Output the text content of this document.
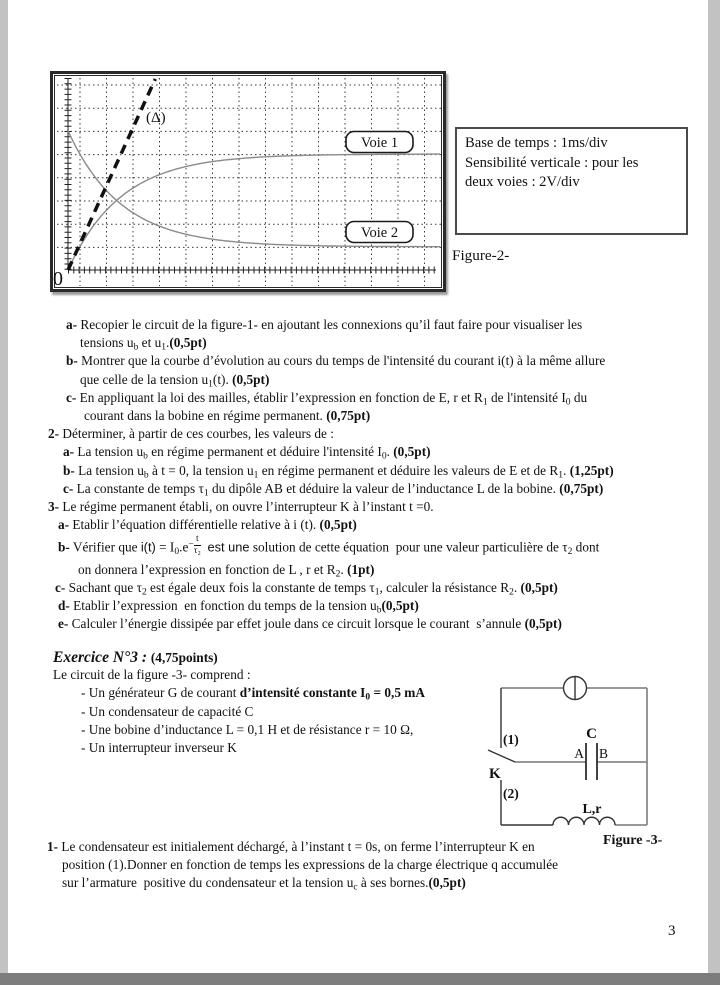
(Δ)
0
Voie 1
Voie 2
Base de temps : 1ms/div
Sensibilité verticale : pour les
deux voies : 2V/div
Figure-2-
a- Recopier le circuit de la figure-1- en ajoutant les connexions qu’il faut faire pour visualiser les
tensions $u_b$ et $u_1.(0,5pt)$
b- Montrer que la courbe d’évolution au cours du temps de l'intensité du courant i(t) à la même allure
que celle de la tension $u_1(t)$. (0,5pt)
c- En appliquant la loi des mailles, établir l’expression en fonction de E, r et $R_1$ de l'intensité $I_0$ du
courant dans la bobine en régime permanent. (0,75pt)
2- Déterminer, à partir de ces courbes, les valeurs de :
a- La tension $u_b$ en régime permanent et déduire l'intensité $I_0$. (0,5pt)
b- La tension $u_b$ à t = 0, la tension $u_1$ en régime permanent et déduire les valeurs de E et de $R_1$. (1,25pt)
c- La constante de temps $\tau_1$ du dipôle AB et déduire la valeur de l’inductance L de la bobine. (0,75pt)
3- Le régime permanent établi, on ouvre l’interrupteur K à l’instant t =0.
a- Etablir l’équation différentielle relative à i (t). (0,5pt)
b- Vérifier que $i(t) = I_0.e - \frac{t}{\text{τ₂}}$ est une solution de cette équation  pour une valeur particulière de $\tau_2$ dont
on donnera l’expression en fonction de L , r et $R_2$. (1pt)
c- Sachant que $\tau_2$ est égale deux fois la constante de temps $\tau_1$, calculer la résistance $R_2$. (0,5pt)
d- Etablir l’expression  en fonction du temps de la tension $u_b(0,5pt)$
e- Calculer l’énergie dissipée par effet joule dans ce circuit lorsque le courant  s’annule (0,5pt)
Exercice N°3 : (4,75points)
Le circuit de la figure -3- comprend :
- Un générateur G de courant d’intensité constante I0 = 0,5 mA
- Un condensateur de capacité C
- Une bobine d’inductance L = 0,1 H et de résistance r = 10 Ω,
- Un interrupteur inverseur K
1- Le condensateur est initialement déchargé, à l’instant t = 0s, on ferme l’interrupteur K en
position (1).Donner en fonction de temps les expressions de la charge électrique q accumulée
sur l’armature  positive du condensateur et la tension $u_c$ à ses bornes.(0,5pt)
(1)
K
(2)
C
A B
L,r
Figure -3-
3
